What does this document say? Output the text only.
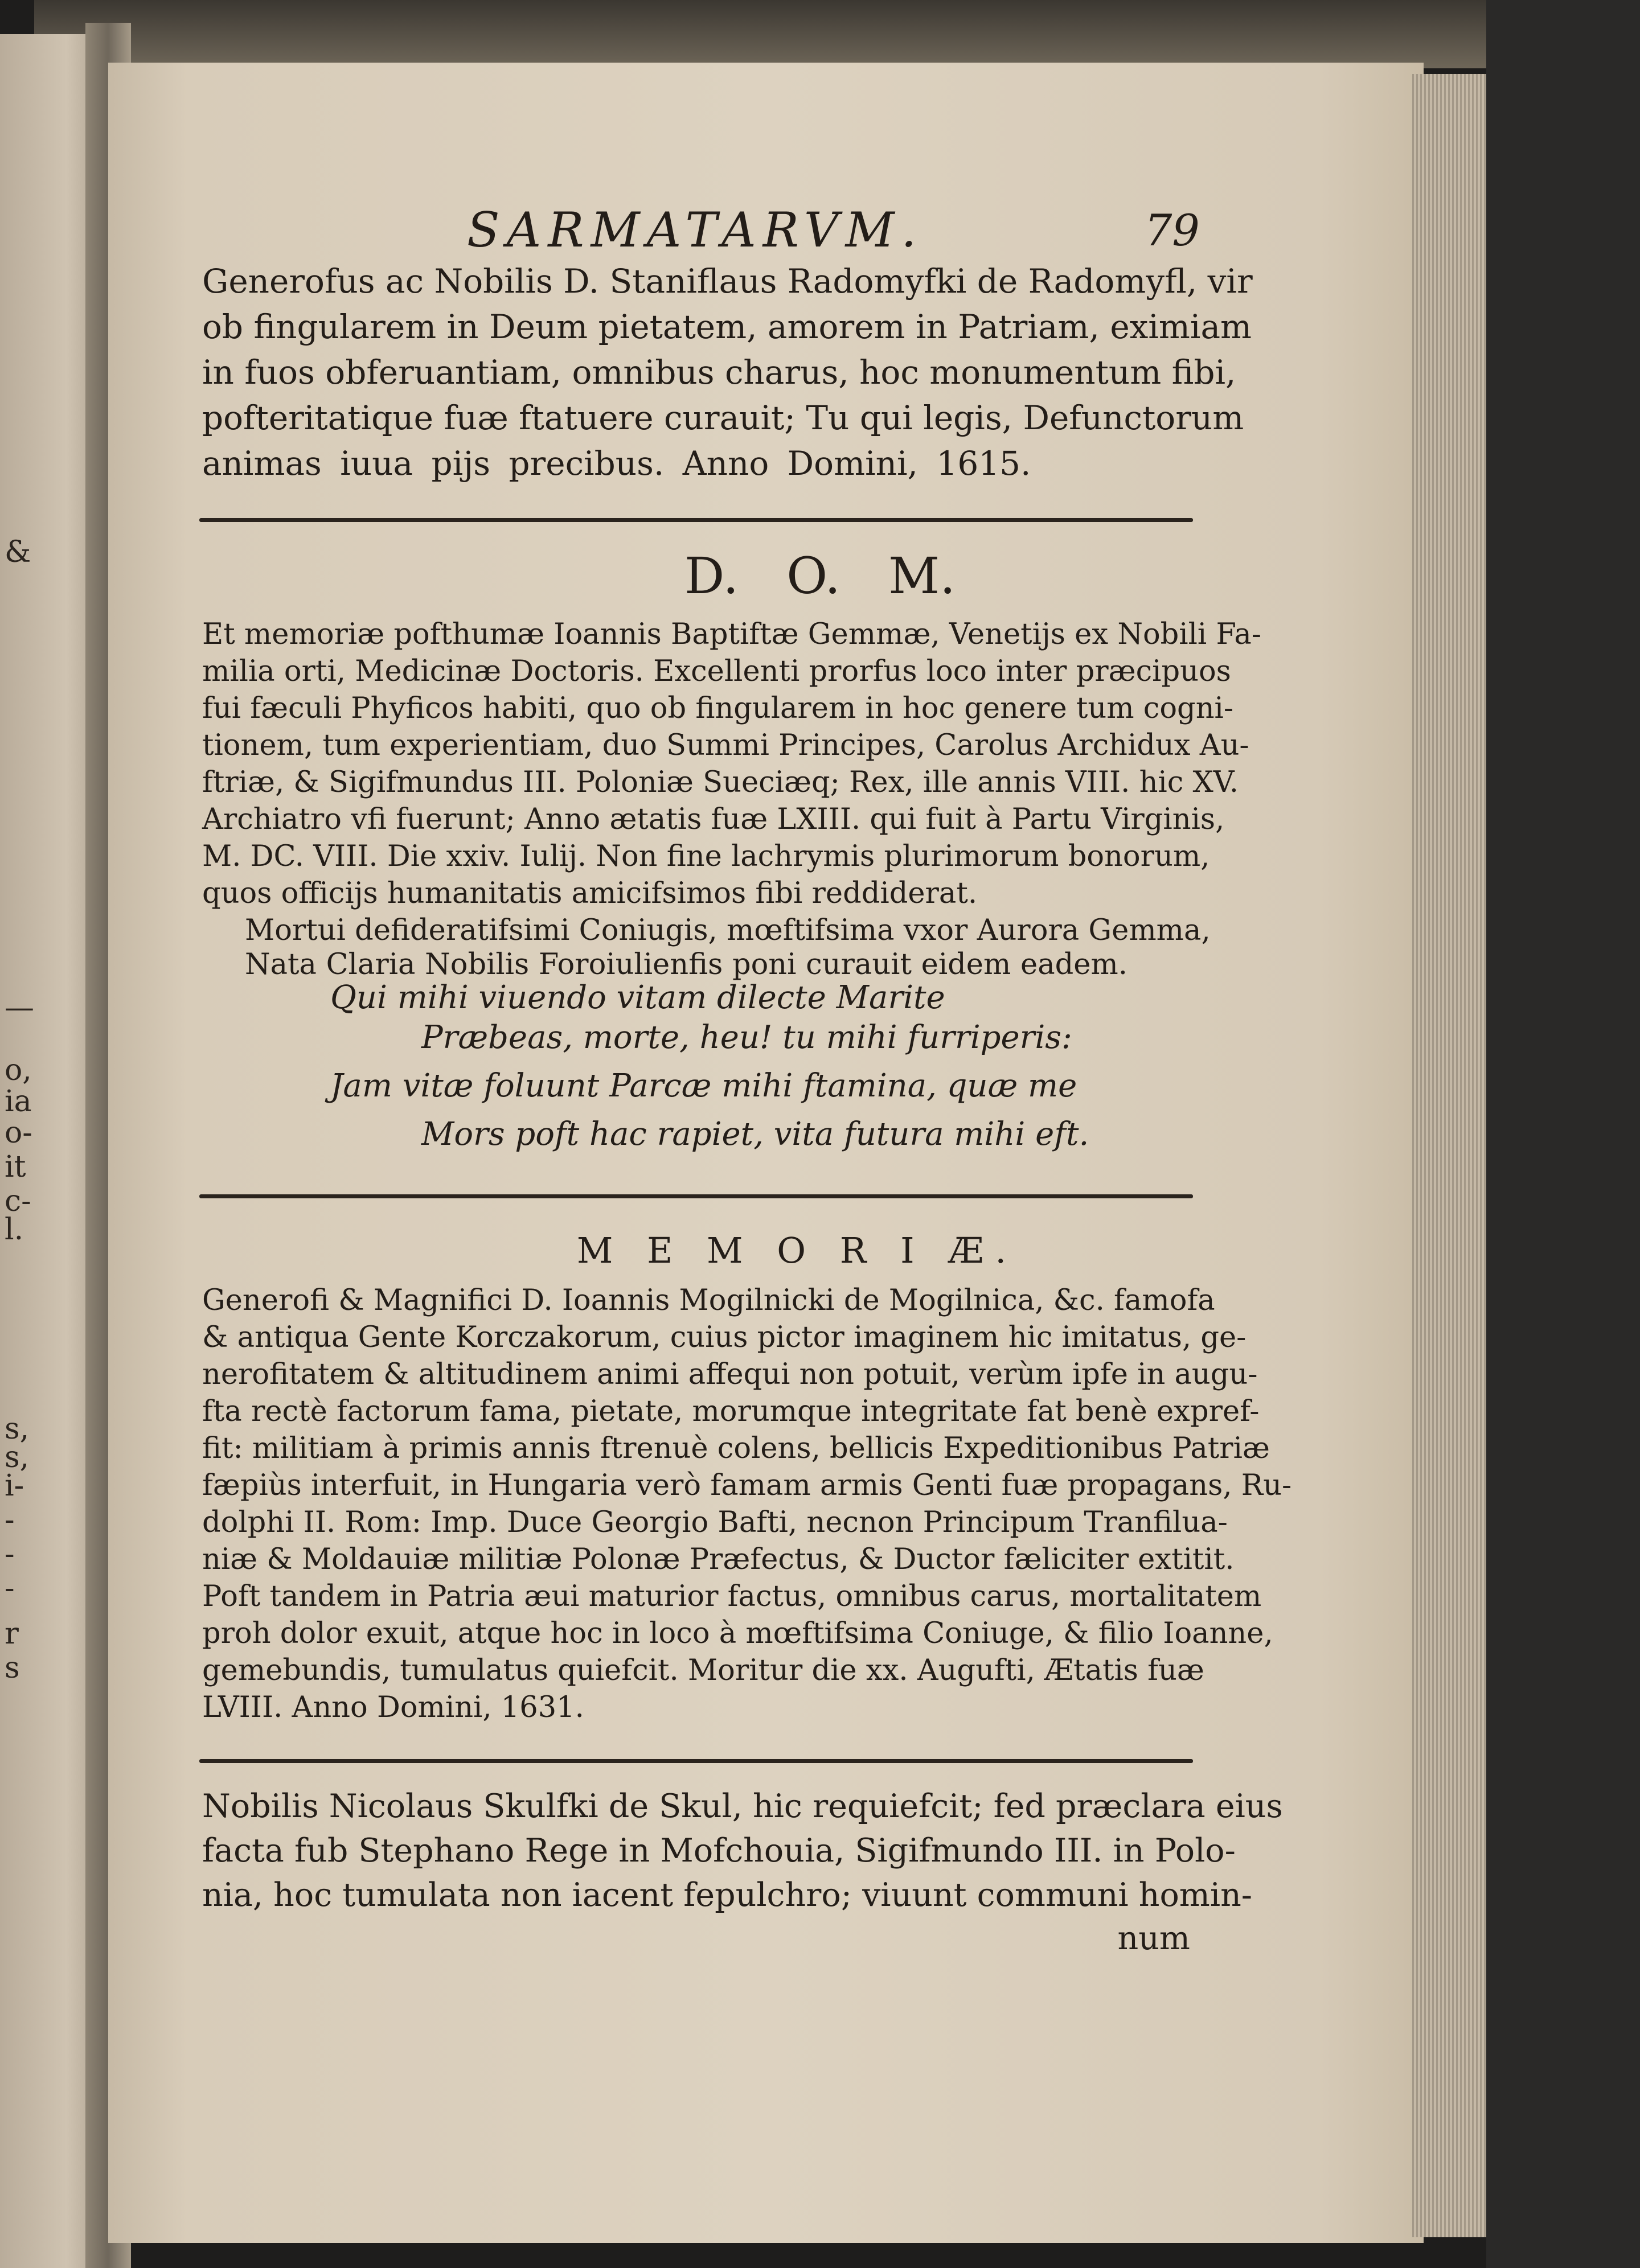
&
—
o,
ia
o-
it
c-
l.
s,
s,
i-
-
-
-
r
s
SARMATARVM.	79
Generofus ac Nobilis D. Staniflaus Radomyfki de Radomyfl, vir
ob fingularem in Deum pietatem, amorem in Patriam, eximiam
in fuos obferuantiam, omnibus charus, hoc monumentum fibi,
pofteritatique fuæ ftatuere curauit; Tu qui legis, Defunctorum
animas iuua pijs precibus. Anno Domini, 1615.
D.   O.   M.
Et memoriæ pofthumæ Ioannis Baptiftæ Gemmæ, Venetijs ex Nobili Fa-
milia orti, Medicinæ Doctoris. Excellenti prorfus loco inter præcipuos
fui fæculi Phyficos habiti, quo ob fingularem in hoc genere tum cogni-
tionem, tum experientiam, duo Summi Principes, Carolus Archidux Au-
ftriæ, & Sigifmundus III. Poloniæ Sueciæq; Rex, ille annis VIII. hic XV.
Archiatro vfi fuerunt; Anno ætatis fuæ LXIII. qui fuit à Partu Virginis,
M. DC. VIII. Die xxiv. Iulij. Non fine lachrymis plurimorum bonorum,
quos officijs humanitatis amicifsimos fibi reddiderat.
Mortui defideratifsimi Coniugis, mœftifsima vxor Aurora Gemma,
Nata Claria Nobilis Foroiulienfis poni curauit eidem eadem.
Qui mihi viuendo vitam dilecte Marite
Præbeas, morte, heu! tu mihi furriperis:
Jam vitæ foluunt Parcæ mihi ftamina, quæ me
Mors poft hac rapiet, vita futura mihi eft.
M E M O R I Æ.
Generofi & Magnifici D. Ioannis Mogilnicki de Mogilnica, &c. famofa
& antiqua Gente Korczakorum, cuius pictor imaginem hic imitatus, ge-
nerofitatem & altitudinem animi affequi non potuit, verùm ipfe in augu-
fta rectè factorum fama, pietate, morumque integritate fat benè expref-
fit: militiam à primis annis ftrenuè colens, bellicis Expeditionibus Patriæ
fæpiùs interfuit, in Hungaria verò famam armis Genti fuæ propagans, Ru-
dolphi II. Rom: Imp. Duce Georgio Bafti, necnon Principum Tranfilua-
niæ & Moldauiæ militiæ Polonæ Præfectus, & Ductor fæliciter extitit.
Poft tandem in Patria æui maturior factus, omnibus carus, mortalitatem
proh dolor exuit, atque hoc in loco à mœftifsima Coniuge, & filio Ioanne,
gemebundis, tumulatus quiefcit. Moritur die xx. Augufti, Ætatis fuæ
LVIII. Anno Domini, 1631.
Nobilis Nicolaus Skulfki de Skul, hic requiefcit; fed præclara eius
facta fub Stephano Rege in Mofchouia, Sigifmundo III. in Polo-
nia, hoc tumulata non iacent fepulchro; viuunt communi homin-
num
